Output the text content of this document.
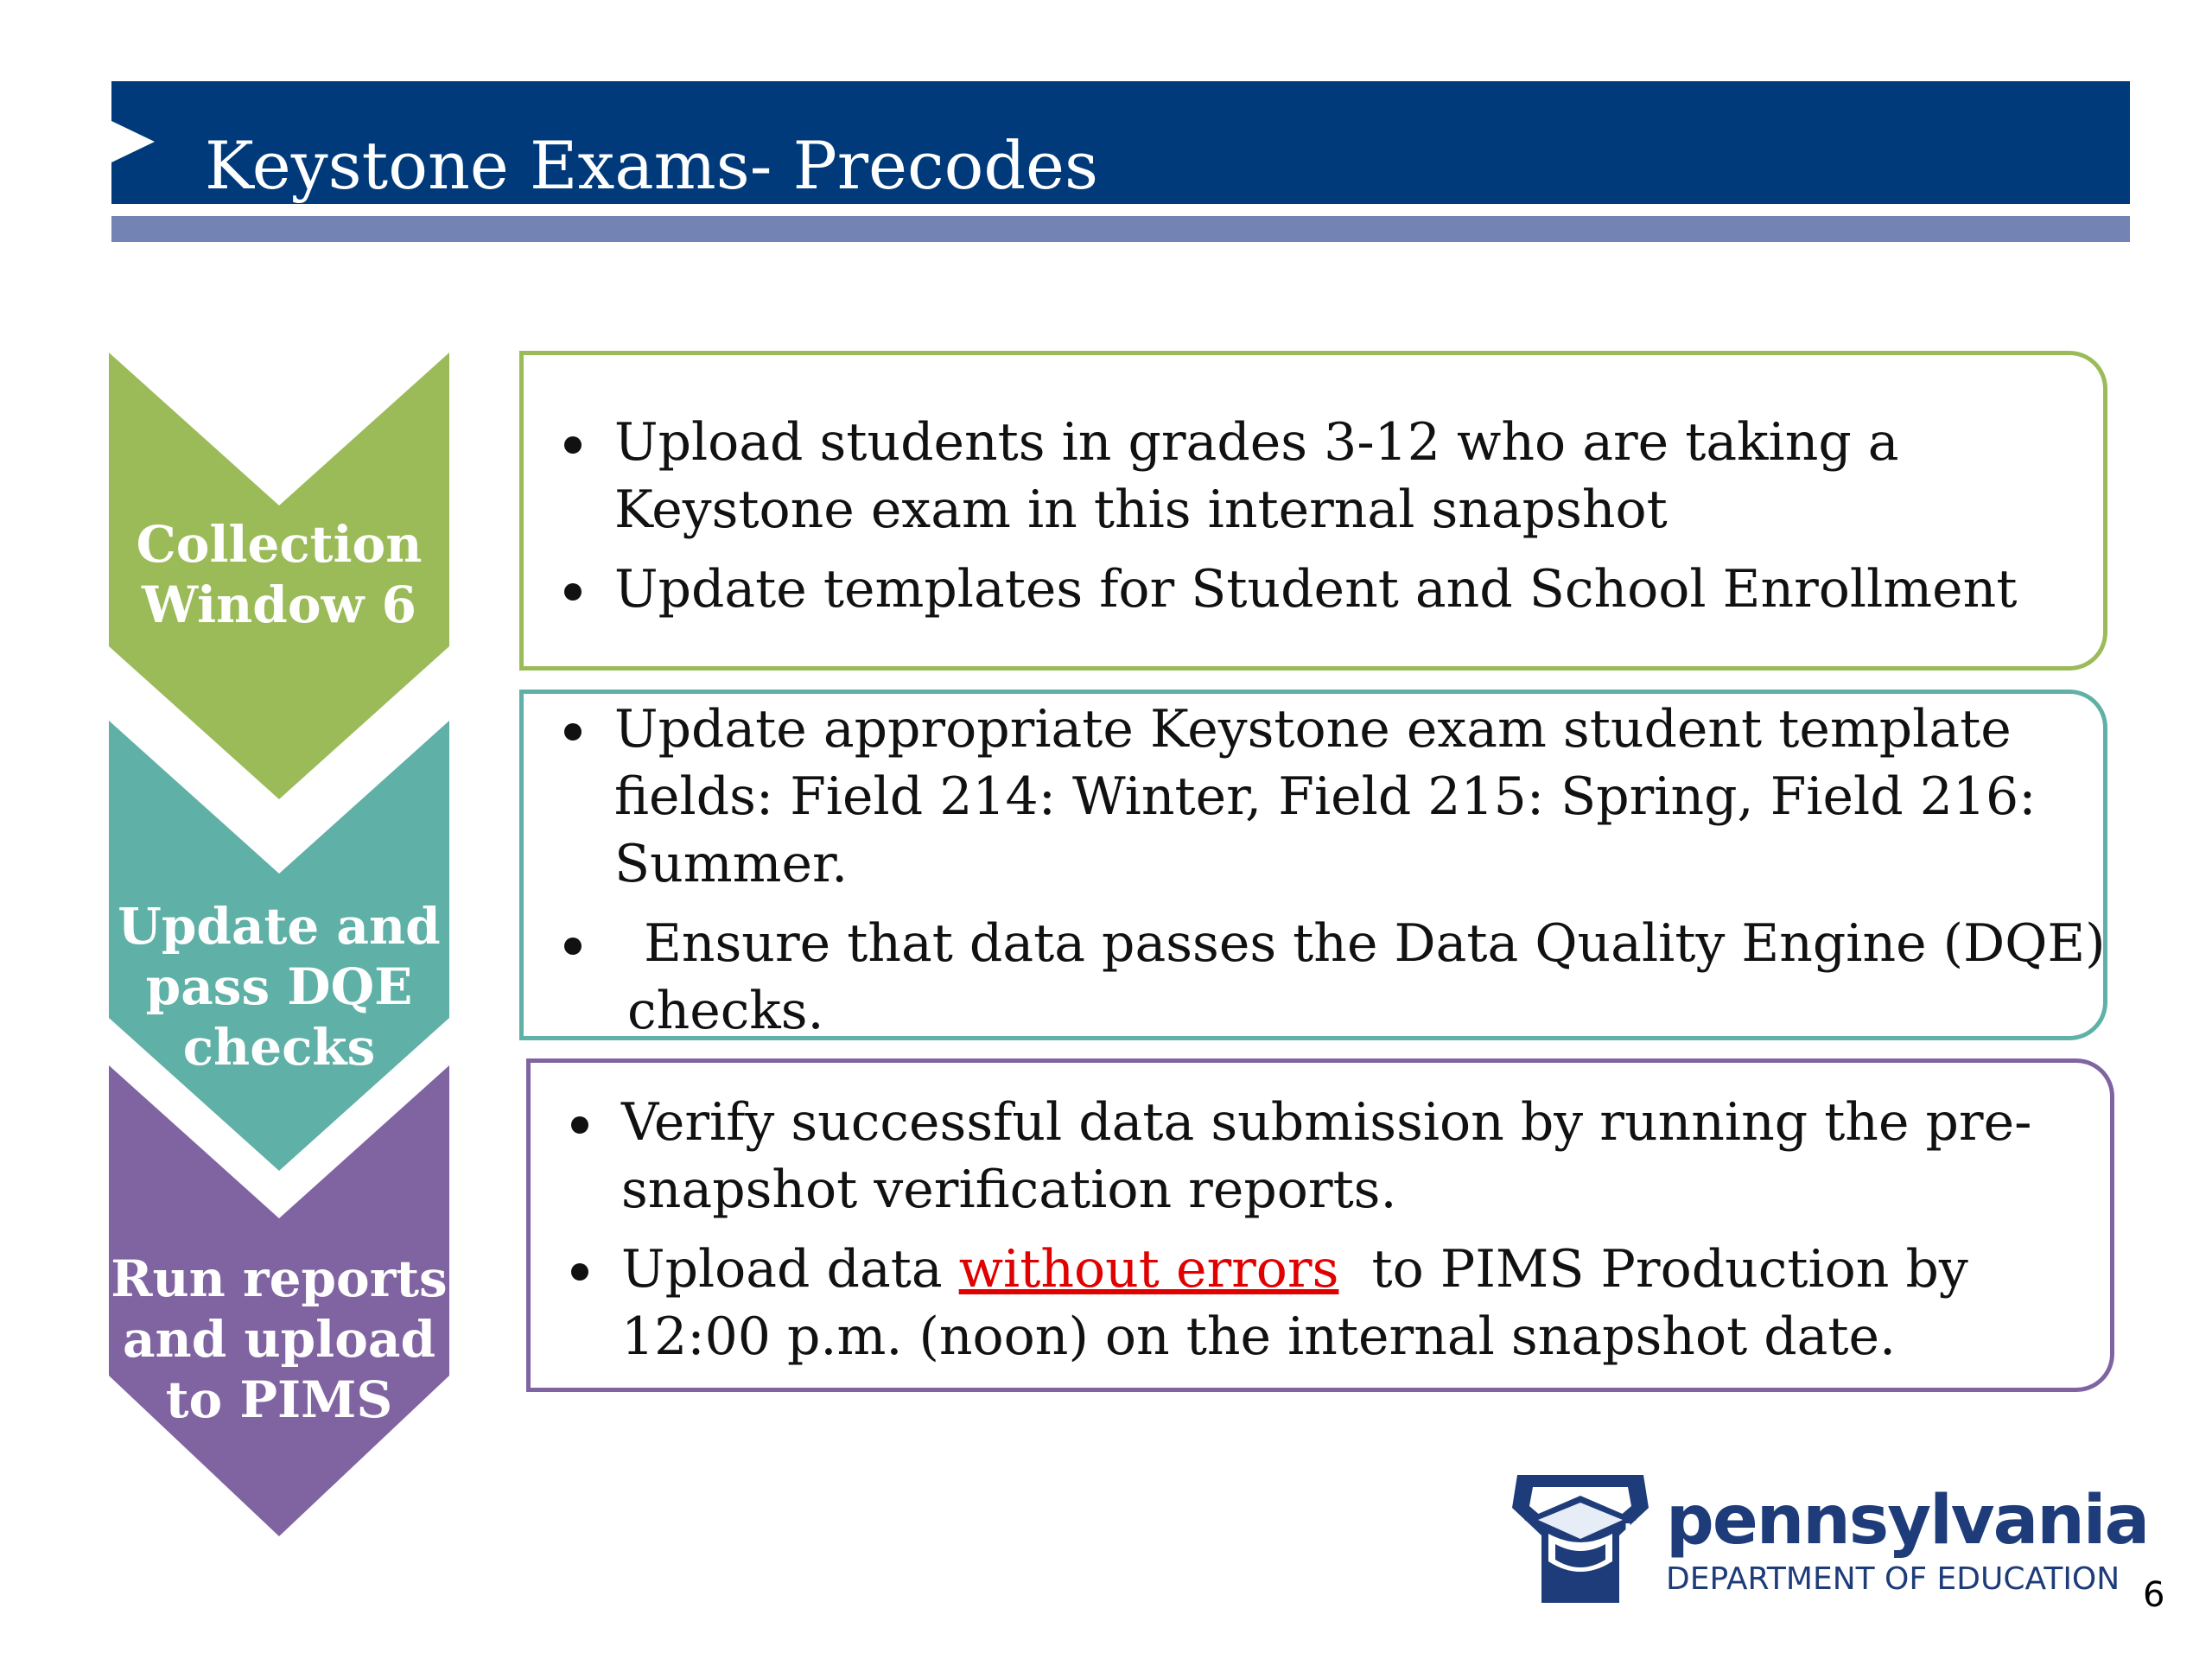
Keystone Exams- Precodes
Collection
Window 6
Update and
pass DQE
checks
Run reports
and upload
to PIMS
Upload students in grades 3-12 who are taking a
Keystone exam in this internal snapshot
Update templates for Student and School Enrollment
Update appropriate Keystone exam student template
fields: Field 214: Winter, Field 215: Spring, Field 216:
Summer.
Ensure that data passes the Data Quality Engine (DQE)
checks.
Verify successful data submission by running the pre-
snapshot verification reports.
Upload data without errors  to PIMS Production by
12:00 p.m. (noon) on the internal snapshot date.
pennsylvania
DEPARTMENT OF EDUCATION 6
